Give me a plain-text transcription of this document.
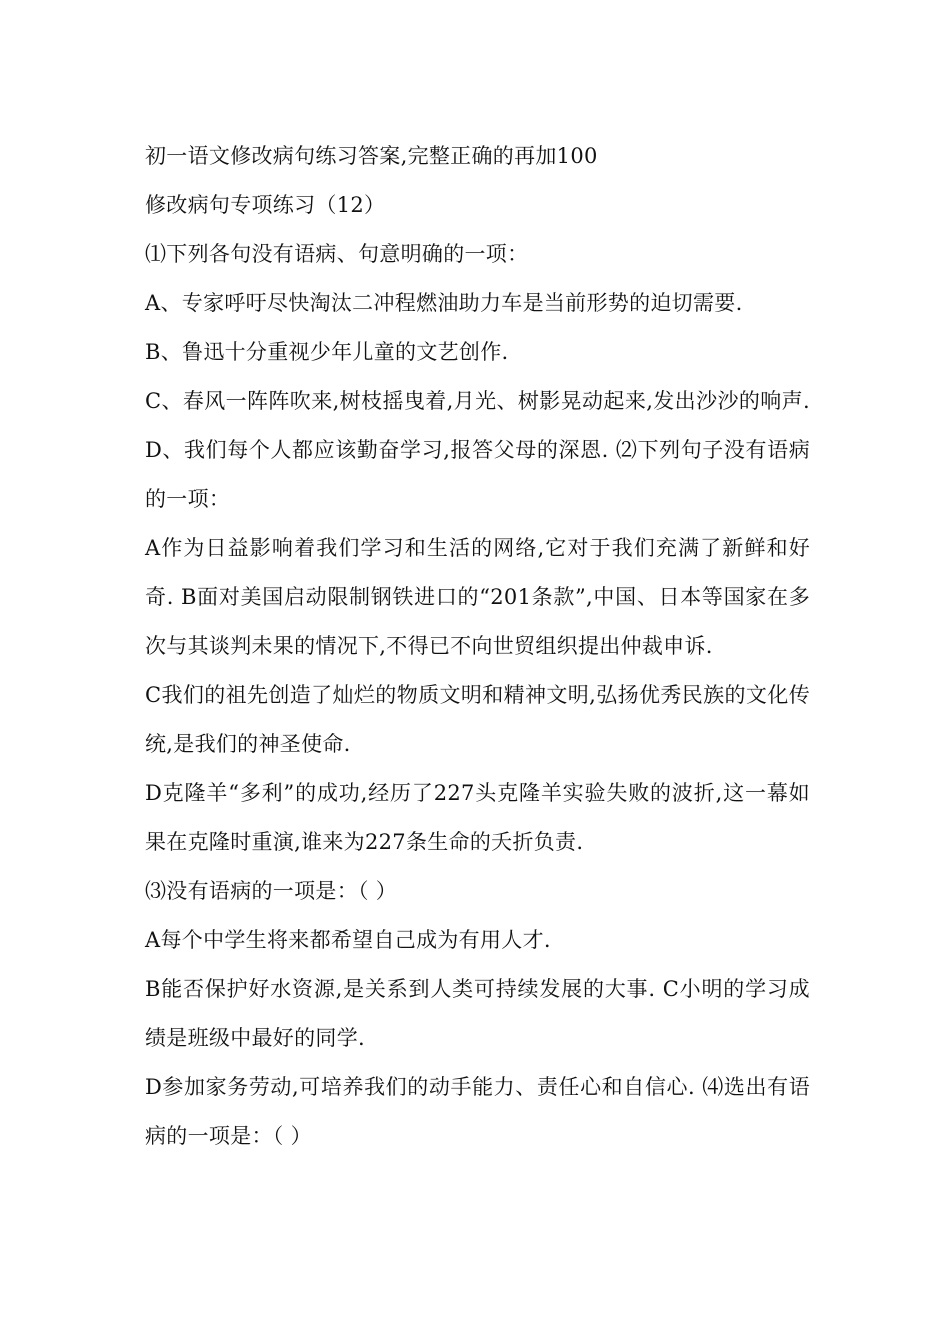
初一语文修改病句练习答案,完整正确的再加100

修改病句专项练习（12）

⑴下列各句没有语病、句意明确的一项：

A、专家呼吁尽快淘汰二冲程燃油助力车是当前形势的迫切需要.

B、鲁迅十分重视少年儿童的文艺创作.

C、春风一阵阵吹来,树枝摇曳着,月光、树影晃动起来,发出沙沙的响声. D、我们每个人都应该勤奋学习,报答父母的深恩. ⑵下列句子没有语病的一项：

A作为日益影响着我们学习和生活的网络,它对于我们充满了新鲜和好奇. B面对美国启动限制钢铁进口的“201条款”,中国、日本等国家在多次与其谈判未果的情况下,不得已不向世贸组织提出仲裁申诉.

C我们的祖先创造了灿烂的物质文明和精神文明,弘扬优秀民族的文化传统,是我们的神圣使命.

D克隆羊“多利”的成功,经历了227头克隆羊实验失败的波折,这一幕如果在克隆时重演,谁来为227条生命的夭折负责.

⑶没有语病的一项是：（ ）

A每个中学生将来都希望自己成为有用人才.

B能否保护好水资源,是关系到人类可持续发展的大事. C小明的学习成绩是班级中最好的同学.

D参加家务劳动,可培养我们的动手能力、责任心和自信心. ⑷选出有语病的一项是：（ ）
